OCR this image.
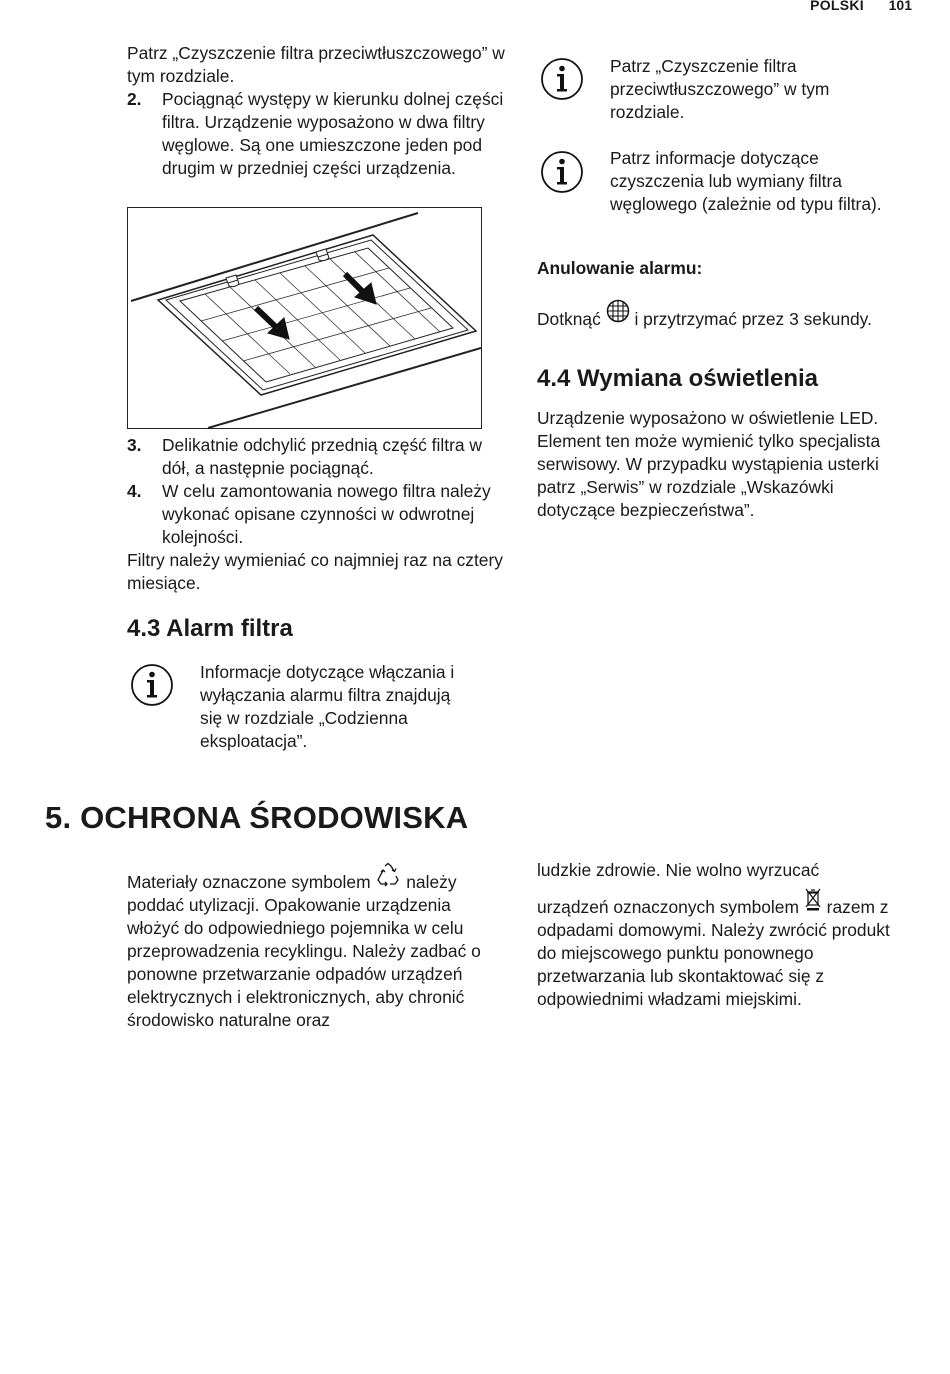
POLSKI 101

Patrz „Czyszczenie filtra przeciwtłuszczowego” w tym rozdziale.

2. Pociągnąć występy w kierunku dolnej części filtra. Urządzenie wyposażono w dwa filtry węglowe. Są one umieszczone jeden pod drugim w przedniej części urządzenia.

3. Delikatnie odchylić przednią część filtra w dół, a następnie pociągnąć.

4. W celu zamontowania nowego filtra należy wykonać opisane czynności w odwrotnej kolejności.

Filtry należy wymieniać co najmniej raz na cztery miesiące.

4.3 Alarm filtra
Informacje dotyczące włączania i wyłączania alarmu filtra znajdują się w rozdziale „Codzienna eksploatacja”.
Patrz „Czyszczenie filtra przeciwtłuszczowego” w tym rozdziale.
Patrz informacje dotyczące czyszczenia lub wymiany filtra węglowego (zależnie od typu filtra).
Anulowanie alarmu:
Dotknąć i przytrzymać przez 3 sekundy.
4.4 Wymiana oświetlenia
Urządzenie wyposażono w oświetlenie LED. Element ten może wymienić tylko specjalista serwisowy. W przypadku wystąpienia usterki patrz „Serwis” w rozdziale „Wskazówki dotyczące bezpieczeństwa”.
5. OCHRONA ŚRODOWISKA
Materiały oznaczone symbolem należy poddać utylizacji. Opakowanie urządzenia włożyć do odpowiedniego pojemnika w celu przeprowadzenia recyklingu. Należy zadbać o ponowne przetwarzanie odpadów urządzeń elektrycznych i elektronicznych, aby chronić środowisko naturalne oraz

ludzkie zdrowie. Nie wolno wyrzucać

urządzeń oznaczonych symbolem razem z odpadami domowymi. Należy zwrócić produkt do miejscowego punktu ponownego przetwarzania lub skontaktować się z odpowiednimi władzami miejskimi.
